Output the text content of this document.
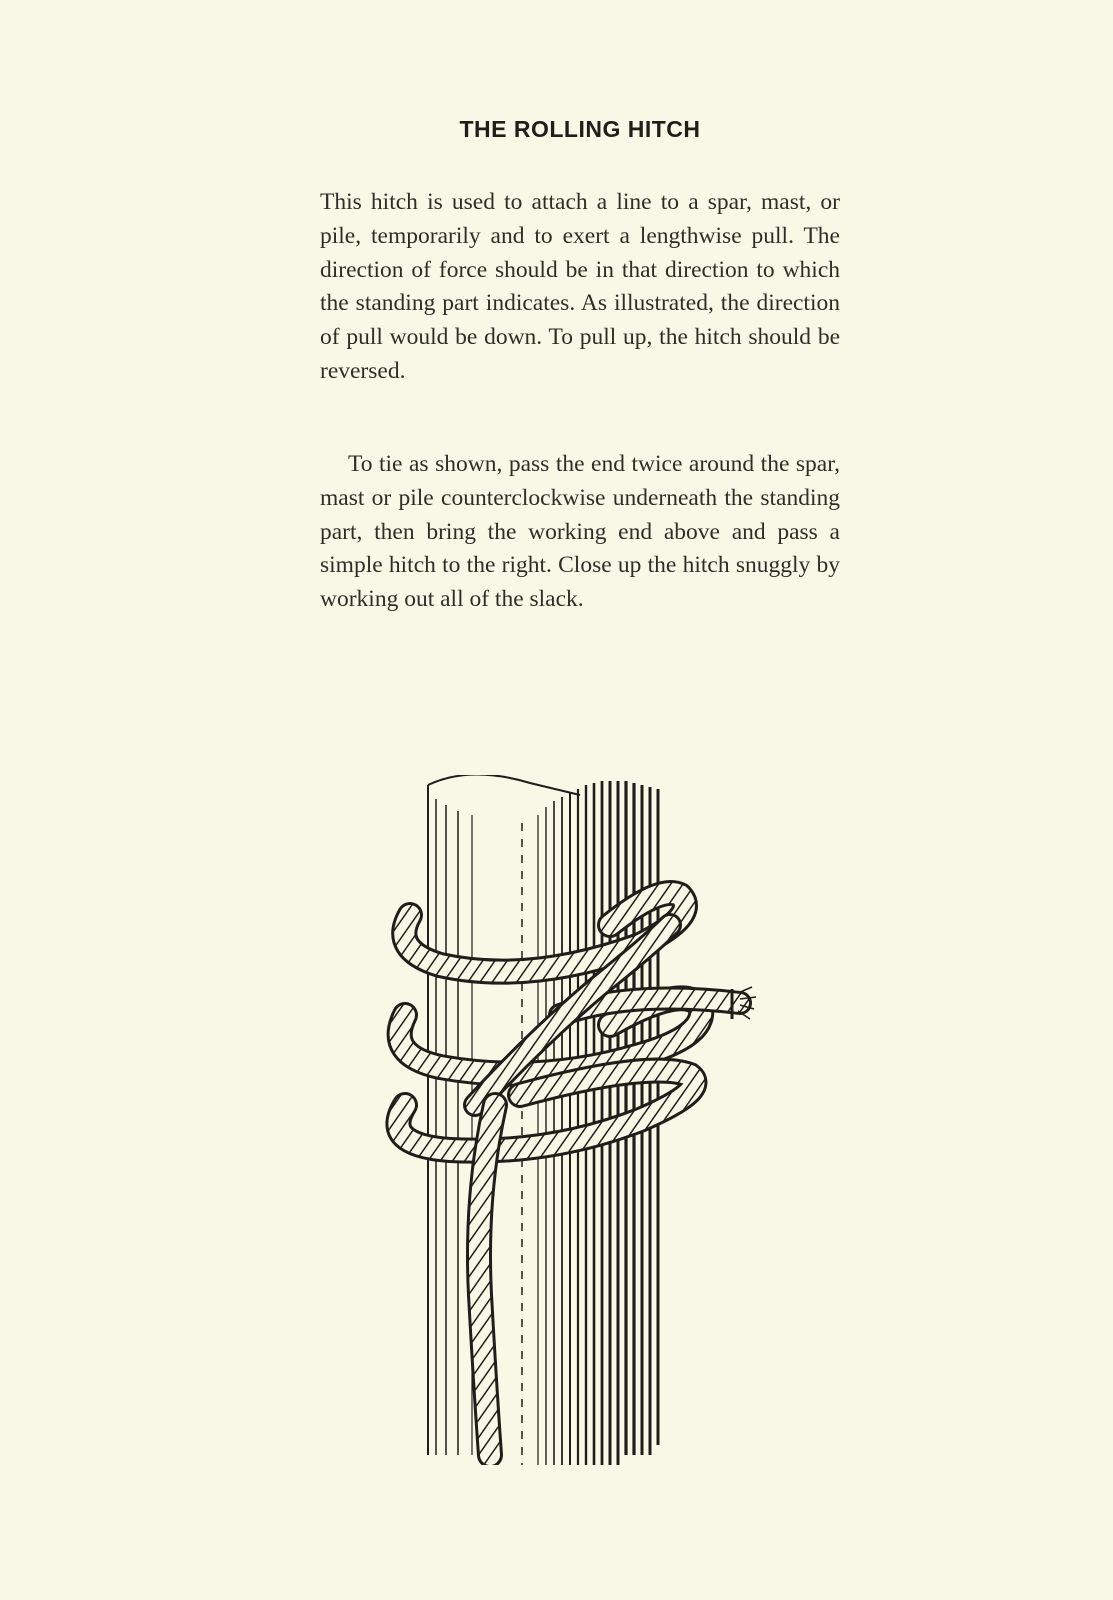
THE ROLLING HITCH
This hitch is used to attach a line to a spar, mast, or pile, temporarily and to exert a lengthwise pull. The direction of force should be in that direction to which the standing part indicates. As illustrated, the direction of pull would be down. To pull up, the hitch should be reversed.
To tie as shown, pass the end twice around the spar, mast or pile counterclockwise underneath the standing part, then bring the working end above and pass a simple hitch to the right. Close up the hitch snuggly by working out all of the slack.
